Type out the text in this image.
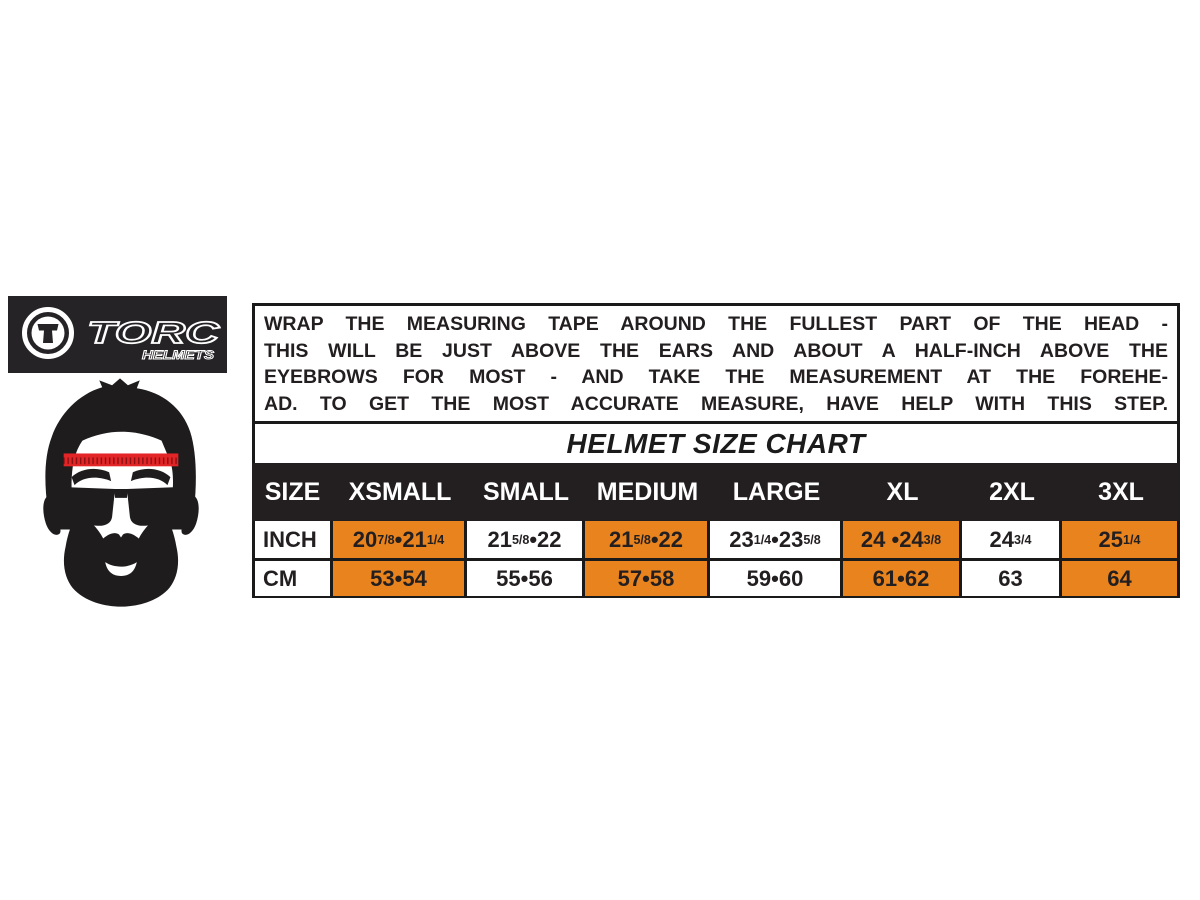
TORC
HELMETS
WRAP THE MEASURING TAPE AROUND THE FULLEST PART OF THE HEAD -
THIS WILL BE JUST ABOVE THE EARS AND ABOUT A HALF-INCH ABOVE THE
EYEBROWS FOR MOST - AND TAKE THE MEASUREMENT AT THE FOREHE-
AD. TO GET THE MOST ACCURATE MEASURE, HAVE HELP WITH THIS STEP.
HELMET SIZE CHART
SIZE	XSMALL	SMALL	MEDIUM	LARGE	XL	2XL	3XL
INCH	20 7/8 •21 1/4	21 5/8 •22	21 5/8 •22	23 1/4 •23 5/8	24 •24 3/8	24 3/4	25 1/4
CM	53•54	55•56	57•58	59•60	61•62	63	64
